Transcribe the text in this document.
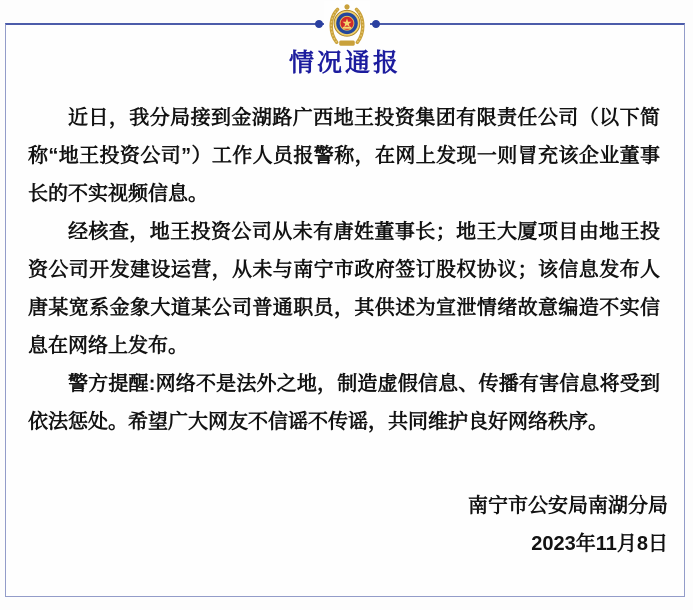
情况通报

近日，我分局接到金湖路广西地王投资集团有限责任公司（以下简称“地王投资公司”）工作人员报警称，在网上发现一则冒充该企业董事长的不实视频信息。

经核查，地王投资公司从未有唐姓董事长；地王大厦项目由地王投资公司开发建设运营，从未与南宁市政府签订股权协议；该信息发布人唐某宽系金象大道某公司普通职员，其供述为宣泄情绪故意编造不实信息在网络上发布。

警方提醒:网络不是法外之地，制造虚假信息、传播有害信息将受到依法惩处。希望广大网友不信谣不传谣，共同维护良好网络秩序。

南宁市公安局南湖分局
2023年11月8日
